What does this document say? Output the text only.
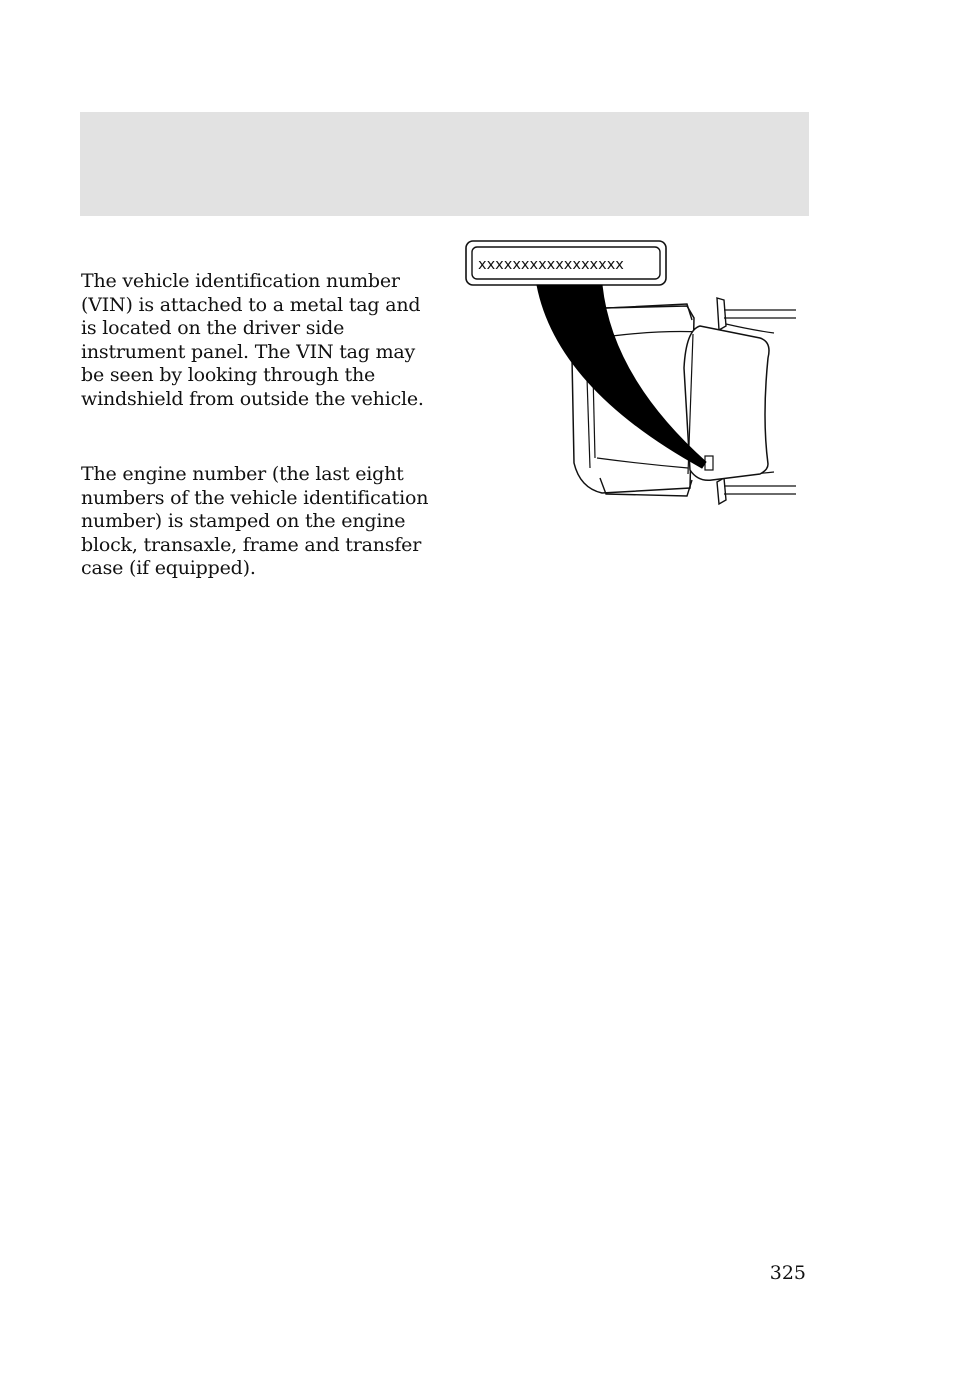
The vehicle identification number (VIN) is attached to a metal tag and is located on the driver side instrument panel. The VIN tag may be seen by looking through the windshield from outside the vehicle.

The engine number (the last eight numbers of the vehicle identification number) is stamped on the engine block, transaxle, frame and transfer case (if equipped).

xxxxxxxxxxxxxxxxx
325
